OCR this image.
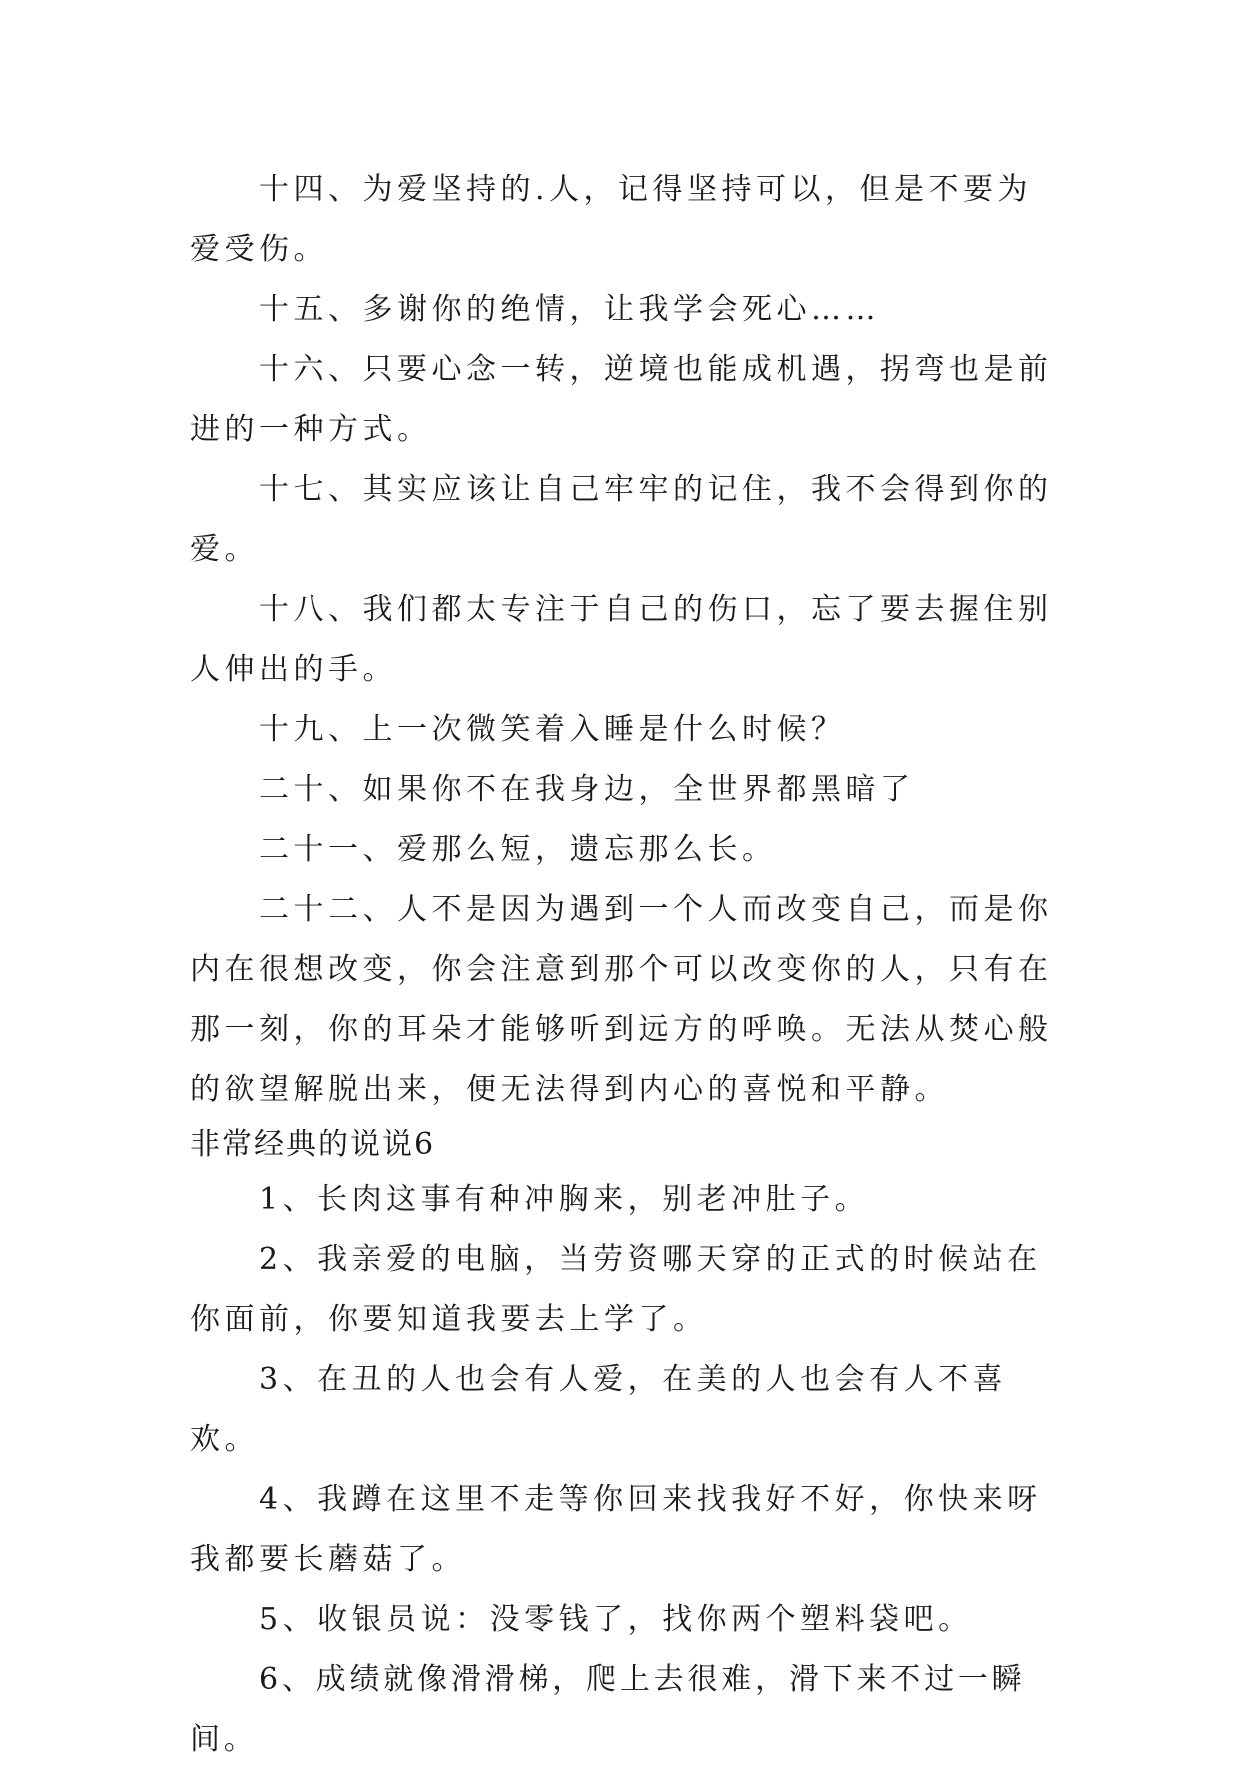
十四、为爱坚持的.人，记得坚持可以，但是不要为爱受伤。

十五、多谢你的绝情，让我学会死心……

十六、只要心念一转，逆境也能成机遇，拐弯也是前进的一种方式。

十七、其实应该让自己牢牢的记住，我不会得到你的爱。

十八、我们都太专注于自己的伤口，忘了要去握住别人伸出的手。

十九、上一次微笑着入睡是什么时候？

二十、如果你不在我身边，全世界都黑暗了

二十一、爱那么短，遗忘那么长。

二十二、人不是因为遇到一个人而改变自己，而是你内在很想改变，你会注意到那个可以改变你的人，只有在那一刻，你的耳朵才能够听到远方的呼唤。无法从焚心般的欲望解脱出来，便无法得到内心的喜悦和平静。

非常经典的说说6

1、长肉这事有种冲胸来，别老冲肚子。

2、我亲爱的电脑，当劳资哪天穿的正式的时候站在你面前，你要知道我要去上学了。

3、在丑的人也会有人爱，在美的人也会有人不喜欢。

4、我蹲在这里不走等你回来找我好不好，你快来呀我都要长蘑菇了。

5、收银员说：没零钱了，找你两个塑料袋吧。

6、成绩就像滑滑梯，爬上去很难，滑下来不过一瞬间。
